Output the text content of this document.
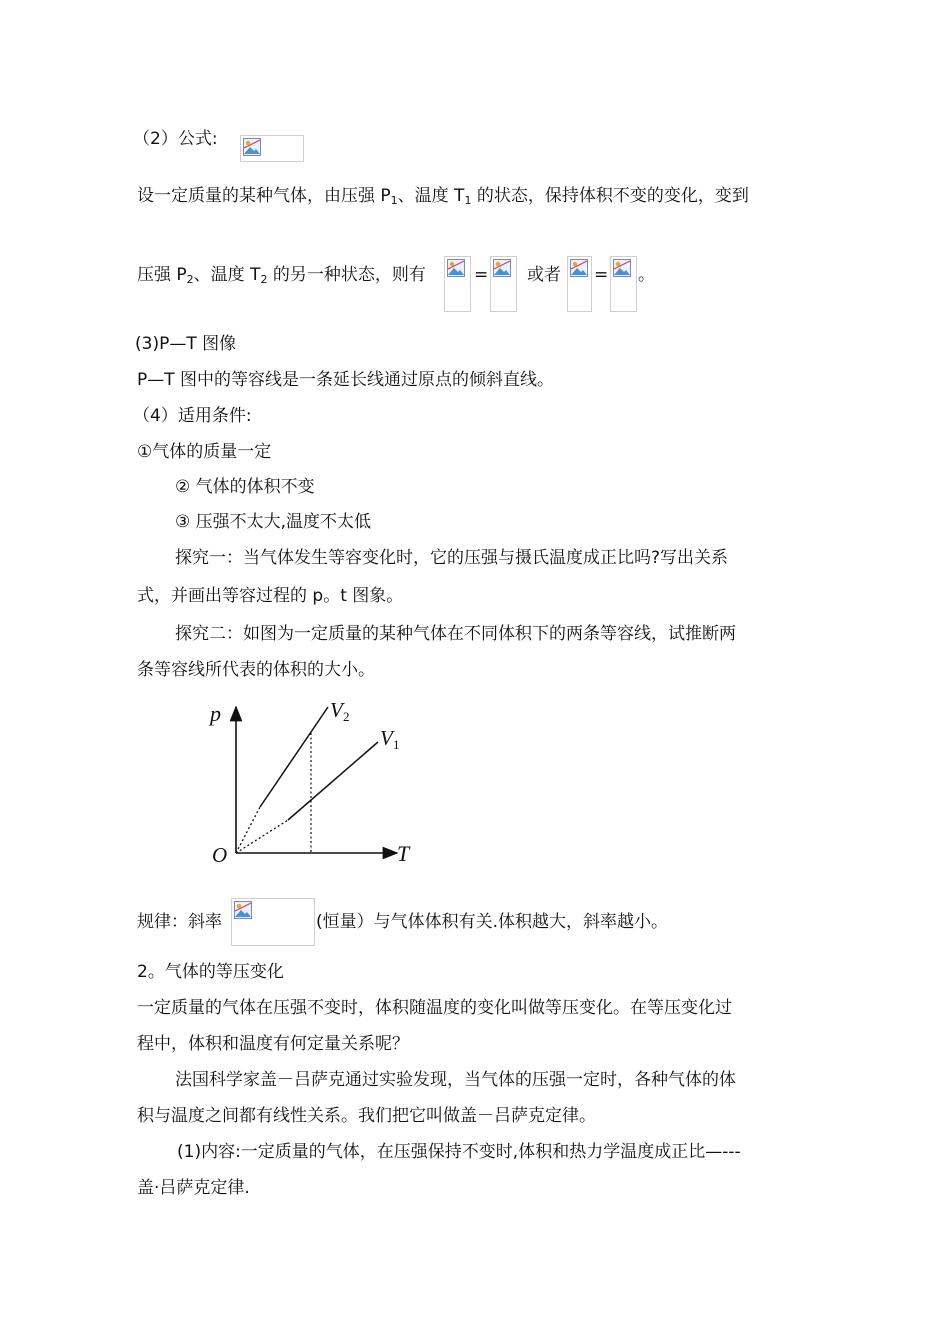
（2）公式:
设一定质量的某种气体，由压强 $P_1$、温度 $T_1$ 的状态，保持体积不变的变化，变到
压强 $P_2$、温度 $T_2$ 的另一种状态，则有	= 或者 = 。
(3)P—T 图像
P—T 图中的等容线是一条延长线通过原点的倾斜直线。
（4）适用条件:
①气体的质量一定
② 气体的体积不变
③ 压强不太大,温度不太低
探究一：当气体发生等容变化时，它的压强与摄氏温度成正比吗?写出关系
式，并画出等容过程的 p。t 图象。
探究二：如图为一定质量的某种气体在不同体积下的两条等容线，试推断两
条等容线所代表的体积的大小。
p
T
O
V 2
V 1
规律：斜率	(恒量）与气体体积有关.体积越大，斜率越小。
2。气体的等压变化
一定质量的气体在压强不变时，体积随温度的变化叫做等压变化。在等压变化过
程中，体积和温度有何定量关系呢？
法国科学家盖－吕萨克通过实验发现，当气体的压强一定时，各种气体的体
积与温度之间都有线性关系。我们把它叫做盖－吕萨克定律。
(1)内容:一定质量的气体，在压强保持不变时,体积和热力学温度成正比—---
盖·吕萨克定律.
